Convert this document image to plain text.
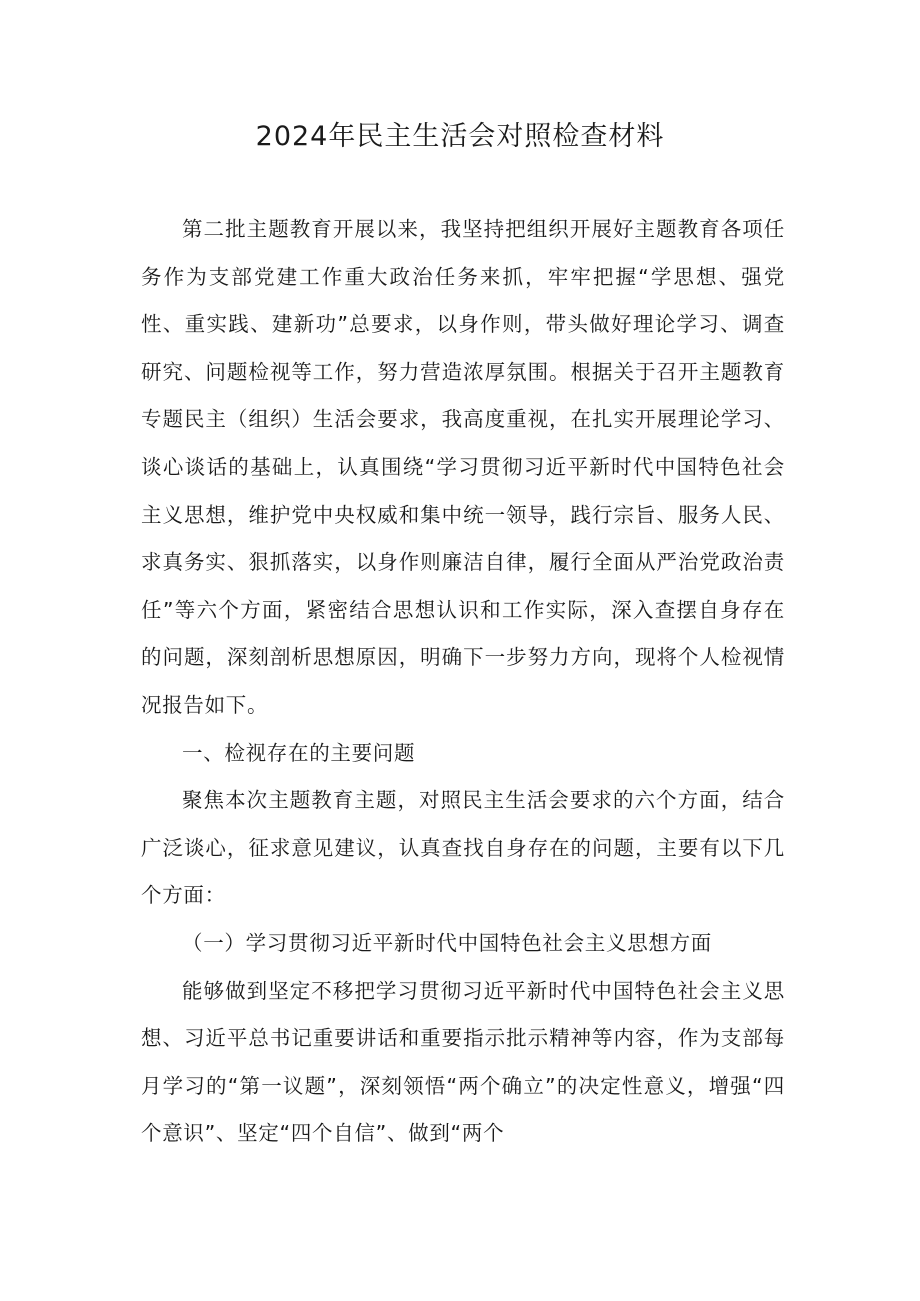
2024年民主生活会对照检查材料

第二批主题教育开展以来，我坚持把组织开展好主题教育各项任务作为支部党建工作重大政治任务来抓，牢牢把握“学思想、强党性、重实践、建新功”总要求，以身作则，带头做好理论学习、调查研究、问题检视等工作，努力营造浓厚氛围。根据关于召开主题教育专题民主（组织）生活会要求，我高度重视，在扎实开展理论学习、谈心谈话的基础上，认真围绕“学习贯彻习近平新时代中国特色社会主义思想，维护党中央权威和集中统一领导，践行宗旨、服务人民、求真务实、狠抓落实，以身作则廉洁自律，履行全面从严治党政治责任”等六个方面，紧密结合思想认识和工作实际，深入查摆自身存在的问题，深刻剖析思想原因，明确下一步努力方向，现将个人检视情况报告如下。

一、检视存在的主要问题

聚焦本次主题教育主题，对照民主生活会要求的六个方面，结合广泛谈心，征求意见建议，认真查找自身存在的问题，主要有以下几个方面：

（一）学习贯彻习近平新时代中国特色社会主义思想方面

能够做到坚定不移把学习贯彻习近平新时代中国特色社会主义思想、习近平总书记重要讲话和重要指示批示精神等内容，作为支部每月学习的“第一议题”，深刻领悟“两个确立”的决定性意义，增强“四个意识”、坚定“四个自信”、做到“两个
